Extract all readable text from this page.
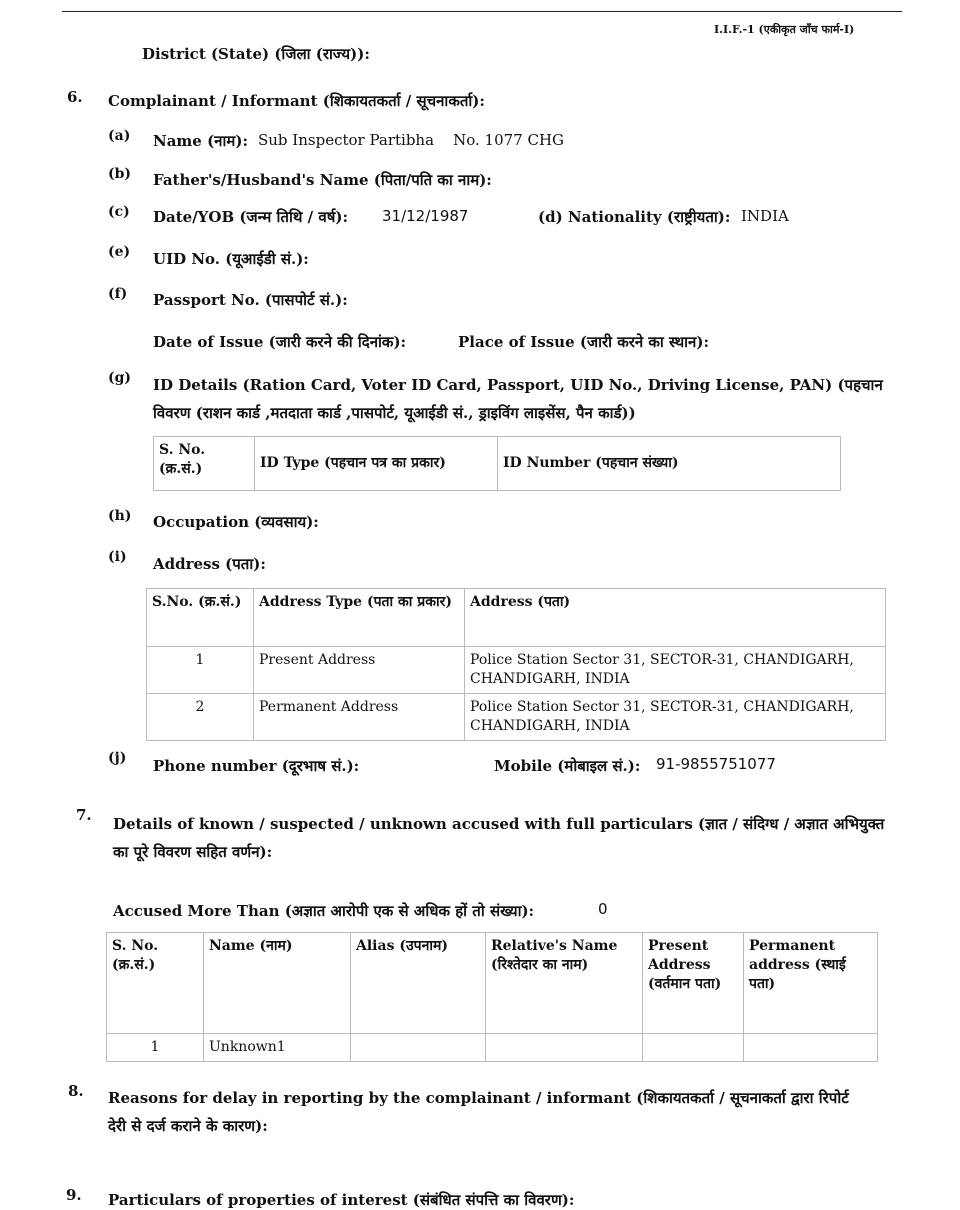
I.I.F.-1 (एकीकृत जाँच फार्म-I)
District (State) (जिला (राज्य)):
6. Complainant / Informant (शिकायतकर्ता / सूचनाकर्ता):
(a) Name (नाम): Sub Inspector Partibha    No. 1077 CHG
(b) Father's/Husband's Name (पिता/पति का नाम):
(c) Date/YOB (जन्म तिथि / वर्ष): 31/12/1987	(d) Nationality (राष्ट्रीयता): INDIA
(e) UID No. (यूआईडी सं.):
(f) Passport No. (पासपोर्ट सं.):
Date of Issue (जारी करने की दिनांक):	Place of Issue (जारी करने का स्थान):
(g) ID Details (Ration Card, Voter ID Card, Passport, UID No., Driving License, PAN) (पहचान
विवरण (राशन कार्ड ,मतदाता कार्ड ,पासपोर्ट, यूआईडी सं., ड्राइविंग लाइसेंस, पैन कार्ड))
S. No. (क्र.सं.)	ID Type (पहचान पत्र का प्रकार)	ID Number (पहचान संख्या)
(h) Occupation (व्यवसाय):
(i) Address (पता):
S.No. (क्र.सं.)	Address Type (पता का प्रकार)	Address (पता)
1	Present Address	Police Station Sector 31, SECTOR-31, CHANDIGARH, CHANDIGARH, INDIA
2	Permanent Address	Police Station Sector 31, SECTOR-31, CHANDIGARH, CHANDIGARH, INDIA
(j) Phone number (दूरभाष सं.):	Mobile (मोबाइल सं.): 91-9855751077
7. Details of known / suspected / unknown accused with full particulars (ज्ञात / संदिग्ध / अज्ञात अभियुक्त
का पूरे विवरण सहित वर्णन):
Accused More Than (अज्ञात आरोपी एक से अधिक हों तो संख्या):	0
S. No. (क्र.सं.)	Name (नाम)	Alias (उपनाम)	Relative's Name (रिश्तेदार का नाम)	Present Address (वर्तमान पता)	Permanent address (स्थाई पता)
1	Unknown1				
8. Reasons for delay in reporting by the complainant / informant (शिकायतकर्ता / सूचनाकर्ता द्वारा रिपोर्ट
देरी से दर्ज कराने के कारण):
9. Particulars of properties of interest (संबंधित संपत्ति का विवरण):
